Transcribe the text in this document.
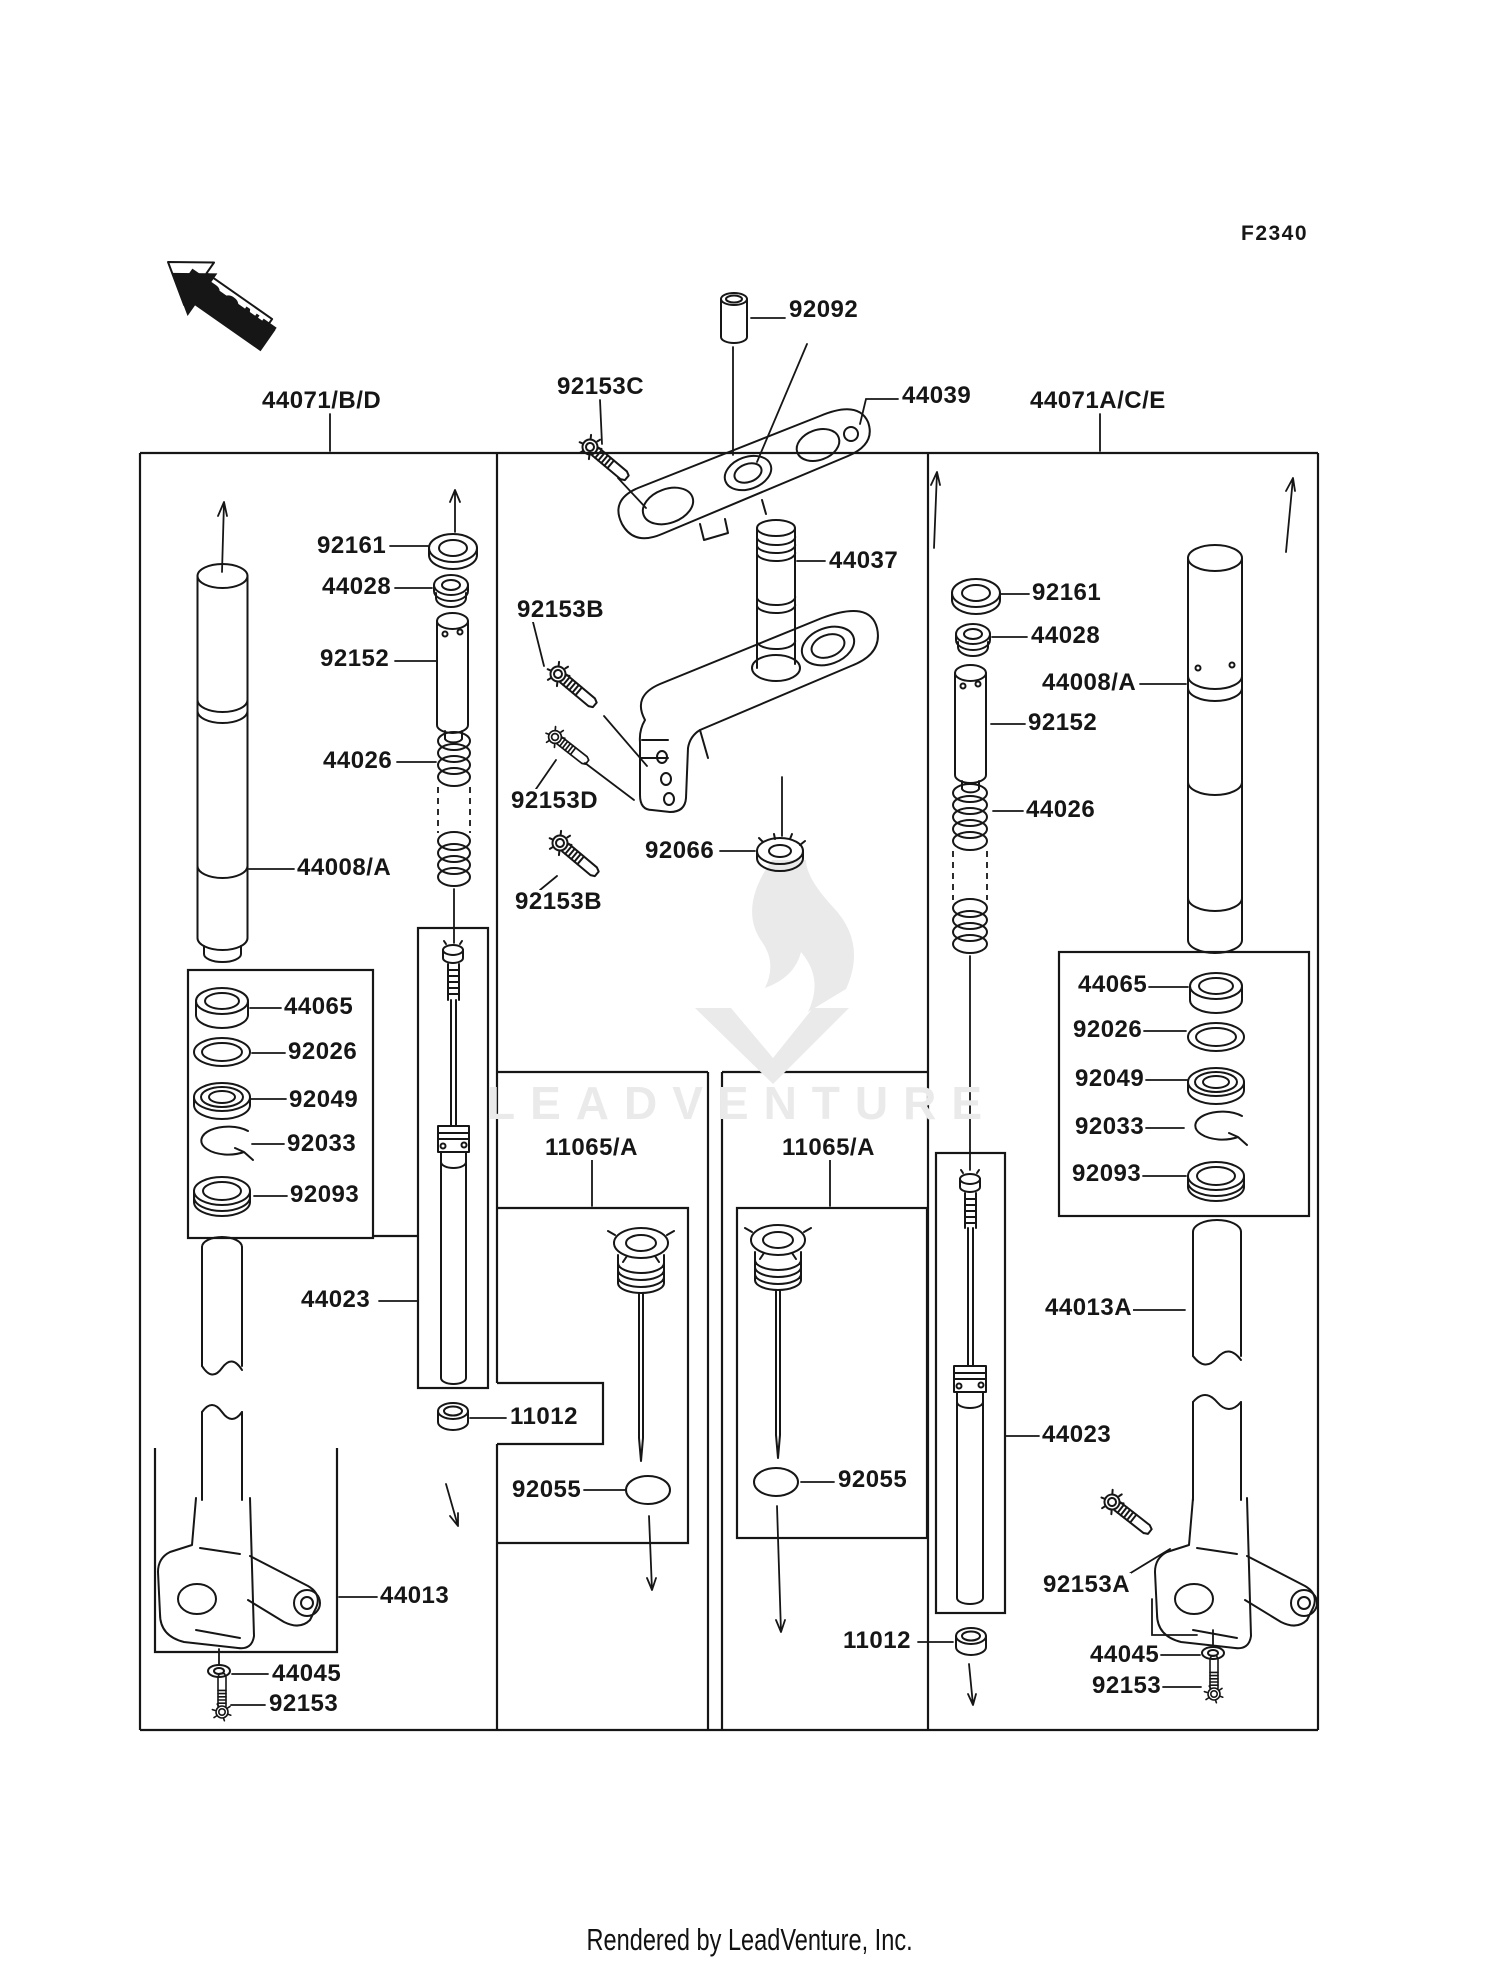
FRONT
LEADVENTURE
F2340
92092
92153C	44039
44071/B/D	44071A/C/E
92161
44028
92152
44026
44008/A
92153B
44037
92153D
92066
92153B
92161
44028
44008/A
92152
44026
44065
92026
92049
92033
92093
44065
92026
92049
92033
92093
44023
11065/A	11065/A
44013A
11012
92055	92055
44023
44013
44045
92153
92153A
11012
44045
92153
Rendered by LeadVenture, Inc.
